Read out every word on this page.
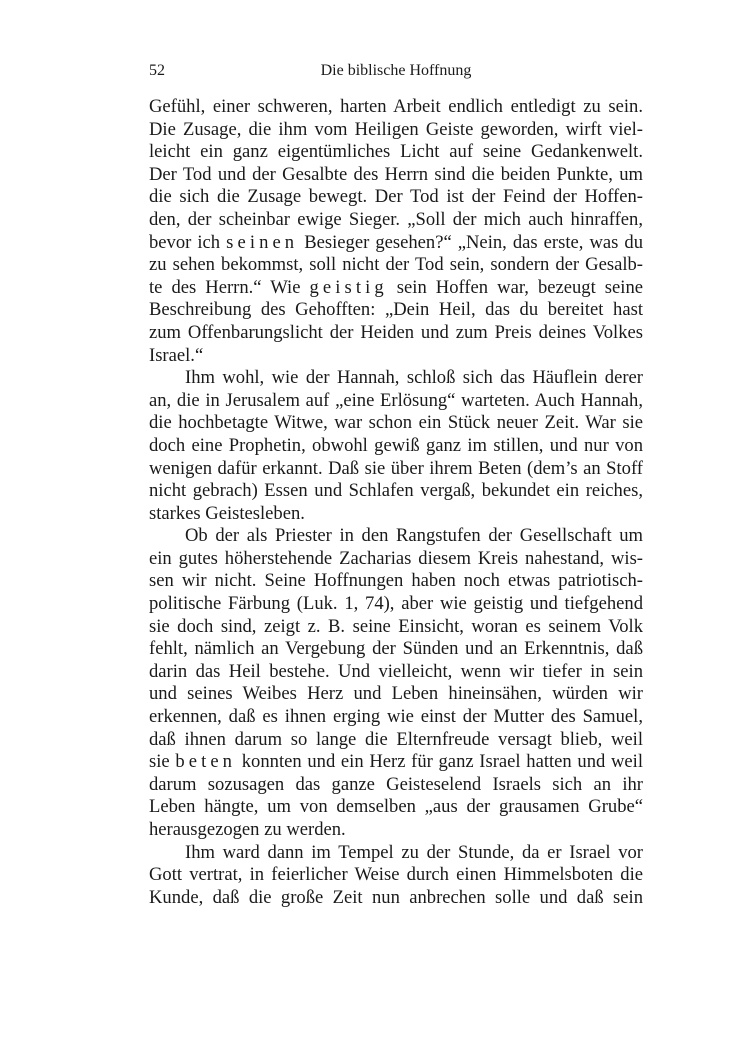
52	Die biblische Hoffnung
Gefühl, einer schweren, harten Arbeit endlich entledigt zu sein.
Die Zusage, die ihm vom Heiligen Geiste geworden, wirft viel-
leicht ein ganz eigentümliches Licht auf seine Gedankenwelt.
Der Tod und der Gesalbte des Herrn sind die beiden Punkte, um
die sich die Zusage bewegt. Der Tod ist der Feind der Hoffen-
den, der scheinbar ewige Sieger. „Soll der mich auch hinraffen,
bevor ich seinen Besieger gesehen?“ „Nein, das erste, was du
zu sehen bekommst, soll nicht der Tod sein, sondern der Gesalb-
te des Herrn.“ Wie geistig sein Hoffen war, bezeugt seine
Beschreibung des Gehofften: „Dein Heil, das du bereitet hast
zum Offenbarungslicht der Heiden und zum Preis deines Volkes
Israel.“
Ihm wohl, wie der Hannah, schloß sich das Häuflein derer
an, die in Jerusalem auf „eine Erlösung“ warteten. Auch Hannah,
die hochbetagte Witwe, war schon ein Stück neuer Zeit. War sie
doch eine Prophetin, obwohl gewiß ganz im stillen, und nur von
wenigen dafür erkannt. Daß sie über ihrem Beten (dem’s an Stoff
nicht gebrach) Essen und Schlafen vergaß, bekundet ein reiches,
starkes Geistesleben.
Ob der als Priester in den Rangstufen der Gesellschaft um
ein gutes höherstehende Zacharias diesem Kreis nahestand, wis-
sen wir nicht. Seine Hoffnungen haben noch etwas patriotisch-
politische Färbung (Luk. 1, 74), aber wie geistig und tiefgehend
sie doch sind, zeigt z. B. seine Einsicht, woran es seinem Volk
fehlt, nämlich an Vergebung der Sünden und an Erkenntnis, daß
darin das Heil bestehe. Und vielleicht, wenn wir tiefer in sein
und seines Weibes Herz und Leben hineinsähen, würden wir
erkennen, daß es ihnen erging wie einst der Mutter des Samuel,
daß ihnen darum so lange die Elternfreude versagt blieb, weil
sie beten konnten und ein Herz für ganz Israel hatten und weil
darum sozusagen das ganze Geisteselend Israels sich an ihr
Leben hängte, um von demselben „aus der grausamen Grube“
herausgezogen zu werden.
Ihm ward dann im Tempel zu der Stunde, da er Israel vor
Gott vertrat, in feierlicher Weise durch einen Himmelsboten die
Kunde, daß die große Zeit nun anbrechen solle und daß sein
